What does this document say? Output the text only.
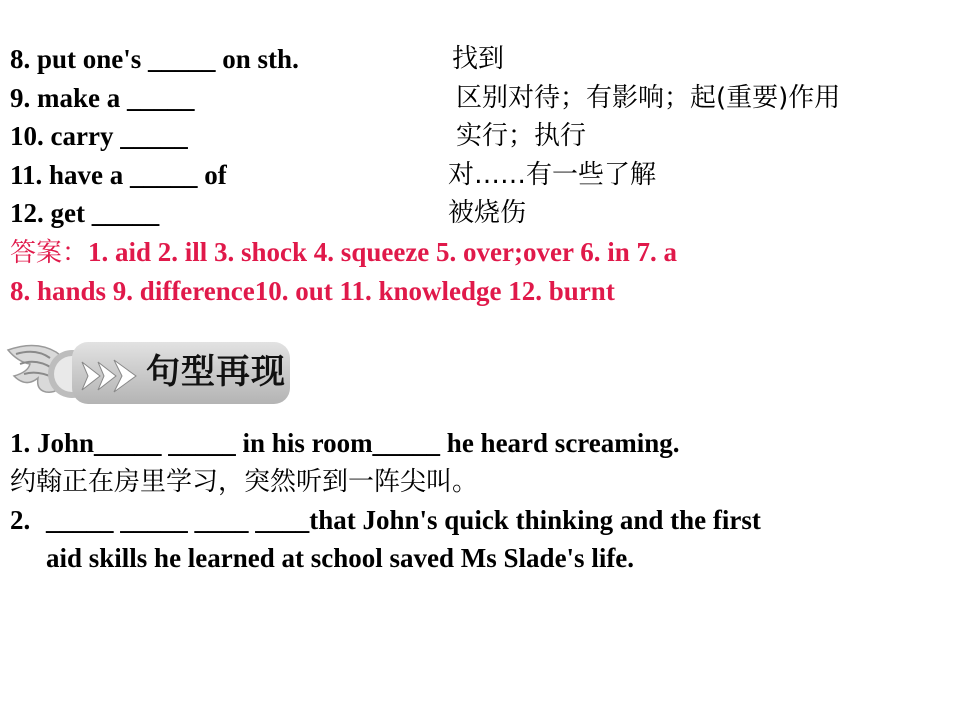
8. put one's _____ on sth.	找到
9. make a _____	区别对待；有影响；起(重要)作用
10. carry _____	实行；执行
11. have a _____ of	对……有一些了解
12. get _____	被烧伤
答案：1. aid 2. ill 3. shock 4. squeeze 5. over;over 6. in 7. a
8. hands 9. difference10. out 11. knowledge 12. burnt
句型再现
1. John_____ _____ in his room_____ he heard screaming.
约翰正在房里学习，突然听到一阵尖叫。
2. _____ _____ ____ ____that John's quick thinking and the first
aid skills he learned at school saved Ms Slade's life.
